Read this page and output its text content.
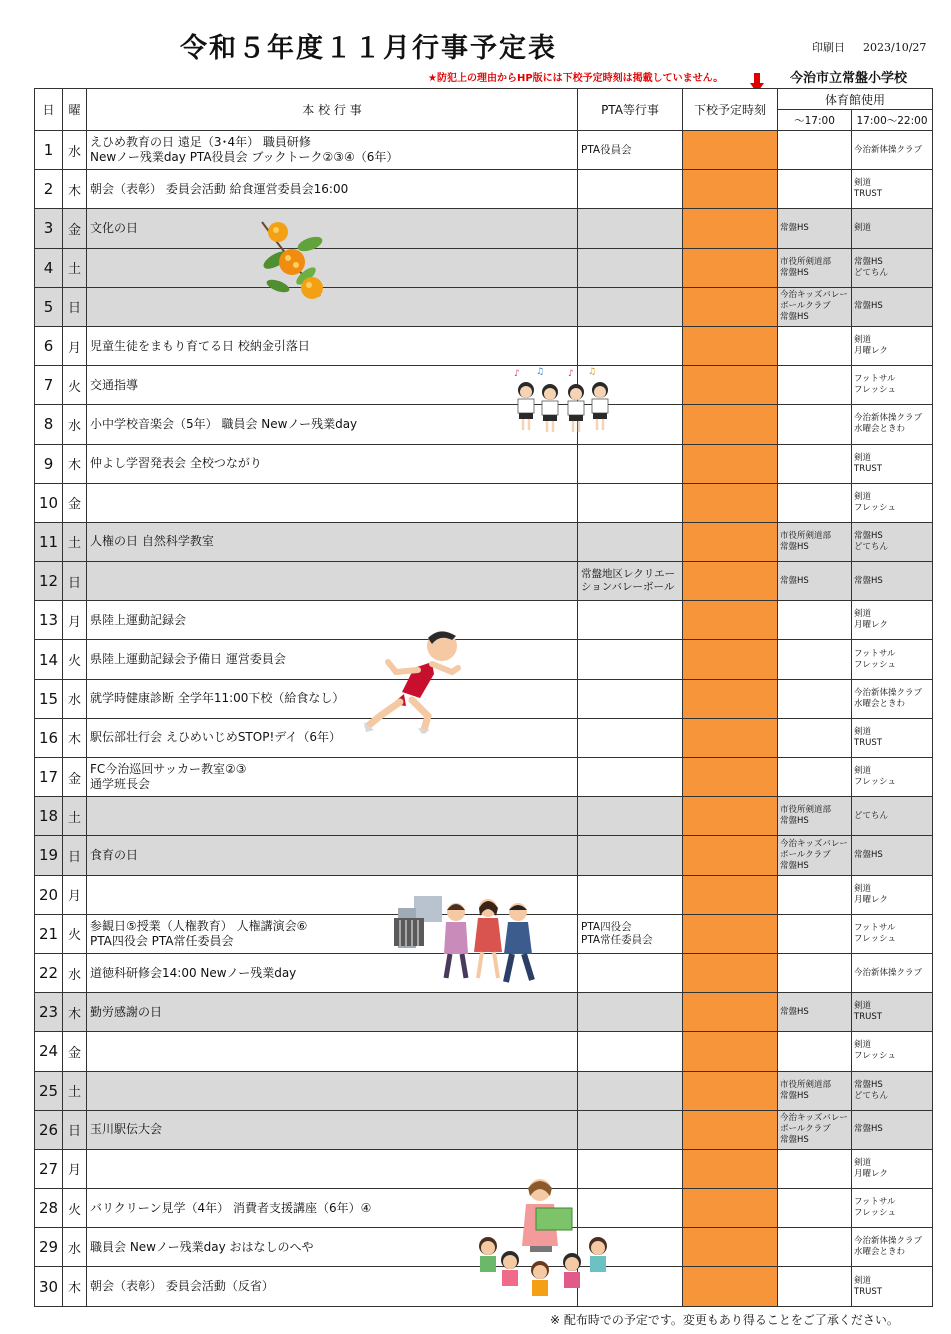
令和５年度１１月行事予定表	印刷日 2023/10/27
★防犯上の理由からHP版には下校予定時刻は掲載していません。	今治市立常盤小学校
日	曜	本 校 行 事	PTA等行事	下校予定時刻	体育館使用	
					～17:00	17:00～22:00
1	水	えひめ教育の日 遠足（3･4年） 職員研修
Newノー残業day PTA役員会 ブックトーク②③④（6年）	PTA役員会			今治新体操クラブ

2	木	朝会（表彰） 委員会活動 給食運営委員会16:00				剣道
TRUST

3	金	文化の日			常盤HS	剣道

4	土				市役所剣道部
常盤HS	常盤HS
どてちん

5	日				今治キッズバレー
ボールクラブ
常盤HS	常盤HS

6	月	児童生徒をまもり育てる日 校納金引落日				剣道
月曜レク

7	火	交通指導				フットサル
フレッシュ

8	水	小中学校音楽会（5年） 職員会 Newノー残業day				今治新体操クラブ
水曜会ときわ

9	木	仲よし学習発表会 全校つながり				剣道
TRUST

10	金					剣道
フレッシュ

11	土	人権の日 自然科学教室			市役所剣道部
常盤HS	常盤HS
どてちん

12	日		常盤地区レクリエー
ションバレーボール		常盤HS	常盤HS

13	月	県陸上運動記録会				剣道
月曜レク

14	火	県陸上運動記録会予備日 運営委員会				フットサル
フレッシュ

15	水	就学時健康診断 全学年11:00下校（給食なし）				今治新体操クラブ
水曜会ときわ

16	木	駅伝部壮行会 えひめいじめSTOP!デイ（6年）				剣道
TRUST

17	金	FC今治巡回サッカー教室②③
通学班長会				剣道
フレッシュ

18	土				市役所剣道部
常盤HS	どてちん

19	日	食育の日			今治キッズバレー
ボールクラブ
常盤HS	常盤HS

20	月					剣道
月曜レク

21	火	参観日⑤授業（人権教育） 人権講演会⑥
PTA四役会 PTA常任委員会	PTA四役会
PTA常任委員会			フットサル
フレッシュ

22	水	道徳科研修会14:00 Newノー残業day				今治新体操クラブ

23	木	勤労感謝の日			常盤HS	剣道
TRUST

24	金					剣道
フレッシュ

25	土				市役所剣道部
常盤HS	常盤HS
どてちん

26	日	玉川駅伝大会			今治キッズバレー
ボールクラブ
常盤HS	常盤HS

27	月					剣道
月曜レク

28	火	バリクリーン見学（4年） 消費者支援講座（6年）④				フットサル
フレッシュ

29	水	職員会 Newノー残業day おはなしのへや				今治新体操クラブ
水曜会ときわ

30	木	朝会（表彰） 委員会活動（反省）				剣道
TRUST
※ 配布時での予定です。変更もあり得ることをご了承ください。
♪ ♫	♪ ♫
